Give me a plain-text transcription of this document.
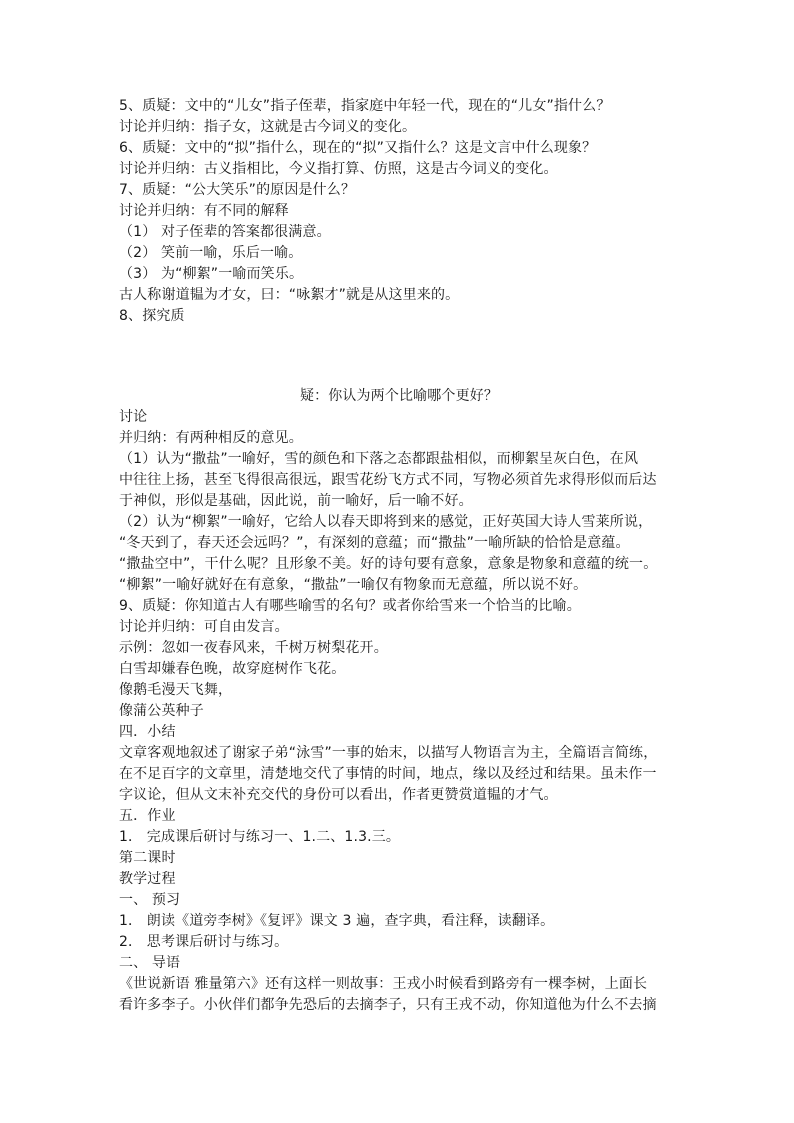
5、质疑：文中的“儿女”指子侄辈，指家庭中年轻一代，现在的“儿女”指什么？
讨论并归纳：指子女，这就是古今词义的变化。
6、质疑：文中的“拟”指什么，现在的“拟”又指什么？这是文言中什么现象？
讨论并归纳：古义指相比，今义指打算、仿照，这是古今词义的变化。
7、质疑：“公大笑乐”的原因是什么？
讨论并归纳：有不同的解释
（1） 对子侄辈的答案都很满意。
（2） 笑前一喻，乐后一喻。
（3） 为“柳絮”一喻而笑乐。
古人称谢道韫为才女，曰：“咏絮才”就是从这里来的。
8、探究质
疑：你认为两个比喻哪个更好？
讨论
并归纳：有两种相反的意见。
（1）认为“撒盐”一喻好，雪的颜色和下落之态都跟盐相似，而柳絮呈灰白色，在风
中往往上扬，甚至飞得很高很远，跟雪花纷飞方式不同，写物必须首先求得形似而后达
于神似，形似是基础，因此说，前一喻好，后一喻不好。
（2）认为“柳絮”一喻好，它给人以春天即将到来的感觉，正好英国大诗人雪莱所说，
“冬天到了，春天还会远吗？”，有深刻的意蕴；而“撒盐”一喻所缺的恰恰是意蕴。
“撒盐空中”，干什么呢？且形象不美。好的诗句要有意象，意象是物象和意蕴的统一。
“柳絮”一喻好就好在有意象，“撒盐”一喻仅有物象而无意蕴，所以说不好。
9、质疑：你知道古人有哪些喻雪的名句？或者你给雪来一个恰当的比喻。
讨论并归纳：可自由发言。
示例：忽如一夜春风来，千树万树梨花开。
白雪却嫌春色晚，故穿庭树作飞花。
像鹅毛漫天飞舞，
像蒲公英种子
四．小结
文章客观地叙述了谢家子弟“泳雪”一事的始末，以描写人物语言为主，全篇语言简练，
在不足百字的文章里，清楚地交代了事情的时间，地点，缘以及经过和结果。虽未作一
字议论，但从文末补充交代的身份可以看出，作者更赞赏道韫的才气。
五．作业
1． 完成课后研讨与练习一、1.二、1.3.三。
第二课时
教学过程
一、 预习
1． 朗读《道旁李树》《复评》课文 3 遍，查字典，看注释，读翻译。
2． 思考课后研讨与练习。
二、 导语
《世说新语 雅量第六》还有这样一则故事：王戎小时候看到路旁有一棵李树，上面长
看许多李子。小伙伴们都争先恐后的去摘李子，只有王戎不动，你知道他为什么不去摘
